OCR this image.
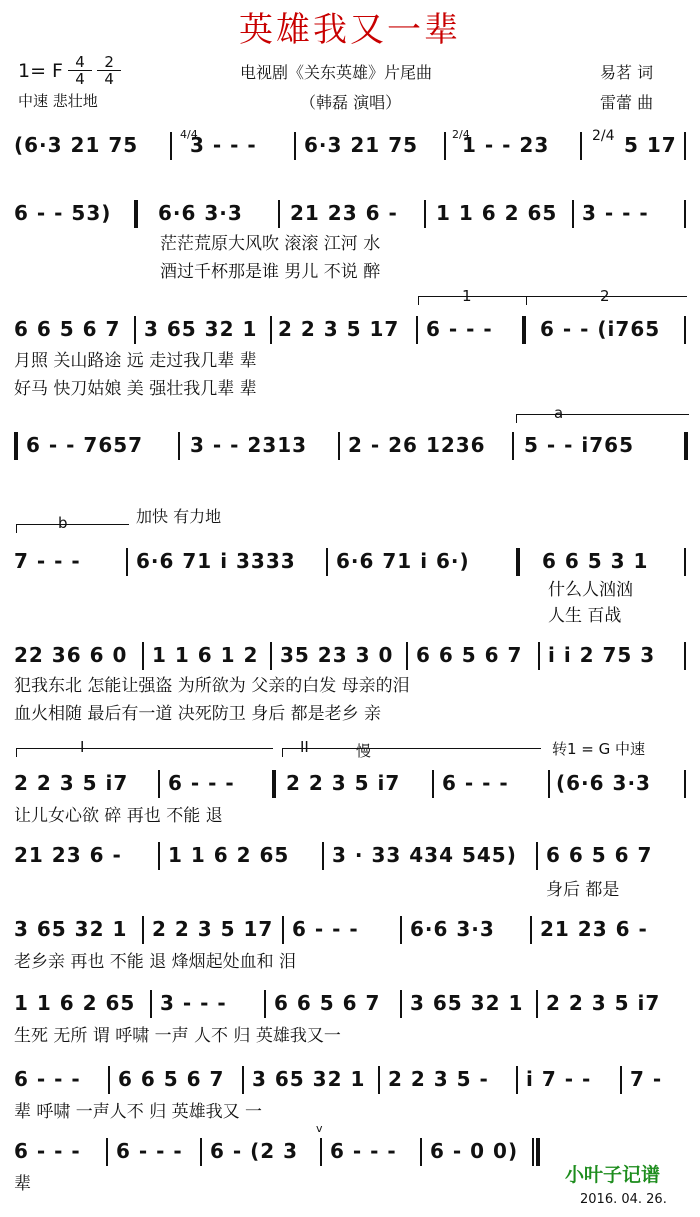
英雄我又一辈
1= F $\frac{4}{4} \frac{2}{4}$
中速 悲壮地
电视剧《关东英雄》片尾曲
（韩磊 演唱）
易茗 词
雷蕾 曲
(6·3 21 75	3 - - - 6·3 21 75 1 - - 23	5 17
4/4	2/4	2/4
6 - - 53) 6·6 3·3 21 23 6 - 1 1 6 2 65 3 - - -
茫茫荒原大风吹 滚滚 江河 水
酒过千杯那是谁 男儿 不说 醉
1	2
6 6 5 6 7 3 65 32 1 2 2 3 5 17 6 - - - 6 - - (i765
月照 关山路途 远 走过我几辈 辈
好马 快刀姑娘 美 强壮我几辈 辈
a
6 - - 7657 3 - - 2313 2 - 26 1236 5 - - i765
b	加快 有力地
7 - - -	6·6 71 i 3333 6·6 71 i 6·)	6 6 5 3 1
什么人汹汹
人生 百战
22 36 6 0 1 1 6 1 2 35 23 3 0 6 6 5 6 7 i i 2 75 3
犯我东北 怎能让强盗 为所欲为 父亲的白发 母亲的泪
血火相随 最后有一道 决死防卫 身后 都是老乡 亲
I	II	慢	转1 = G 中速
2 2 3 5 i7 6 - - -	2 2 3 5 i7 6 - - - (6·6 3·3
让儿女心欲 碎 再也 不能 退
21 23 6 - 1 1 6 2 65 3 · 33 434 545) 6 6 5 6 7
身后 都是
3 65 32 1 2 2 3 5 17 6 - - -	6·6 3·3 21 23 6 -
老乡亲 再也 不能 退 烽烟起处血和 泪
1 1 6 2 65 3 - - - 6 6 5 6 7 3 65 32 1 2 2 3 5 i7
生死 无所 谓 呼啸 一声 人不 归 英雄我又一
6 - - - 6 6 5 6 7 3 65 32 1 2 2 3 5 - i 7 - - 7 -
辈 呼啸 一声人不 归 英雄我又 一
6 - - - 6 - - - 6 - (2 3 6 - - - 6 - 0 0)
v
辈	小叶子记谱
2016. 04. 26.
